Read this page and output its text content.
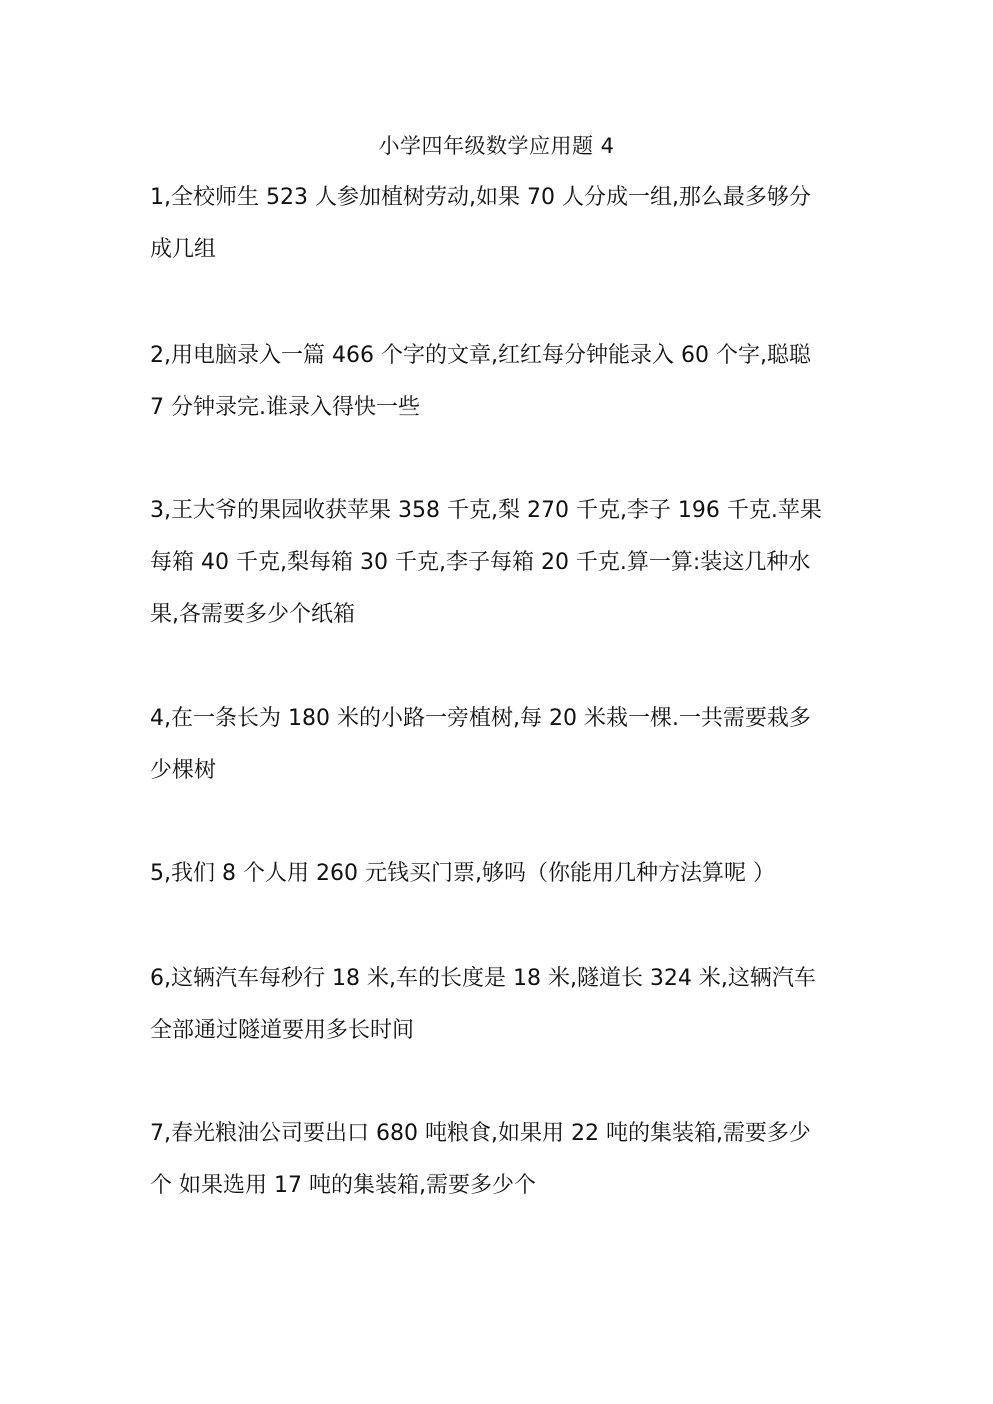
小学四年级数学应用题 4
1,全校师生 523 人参加植树劳动,如果 70 人分成一组,那么最多够分
成几组
2,用电脑录入一篇 466 个字的文章,红红每分钟能录入 60 个字,聪聪
7 分钟录完.谁录入得快一些
3,王大爷的果园收获苹果 358 千克,梨 270 千克,李子 196 千克.苹果
每箱 40 千克,梨每箱 30 千克,李子每箱 20 千克.算一算:装这几种水
果,各需要多少个纸箱
4,在一条长为 180 米的小路一旁植树,每 20 米栽一棵.一共需要栽多
少棵树
5,我们 8 个人用 260 元钱买门票,够吗（你能用几种方法算呢 ）
6,这辆汽车每秒行 18 米,车的长度是 18 米,隧道长 324 米,这辆汽车
全部通过隧道要用多长时间
7,春光粮油公司要出口 680 吨粮食,如果用 22 吨的集装箱,需要多少
个 如果选用 17 吨的集装箱,需要多少个
